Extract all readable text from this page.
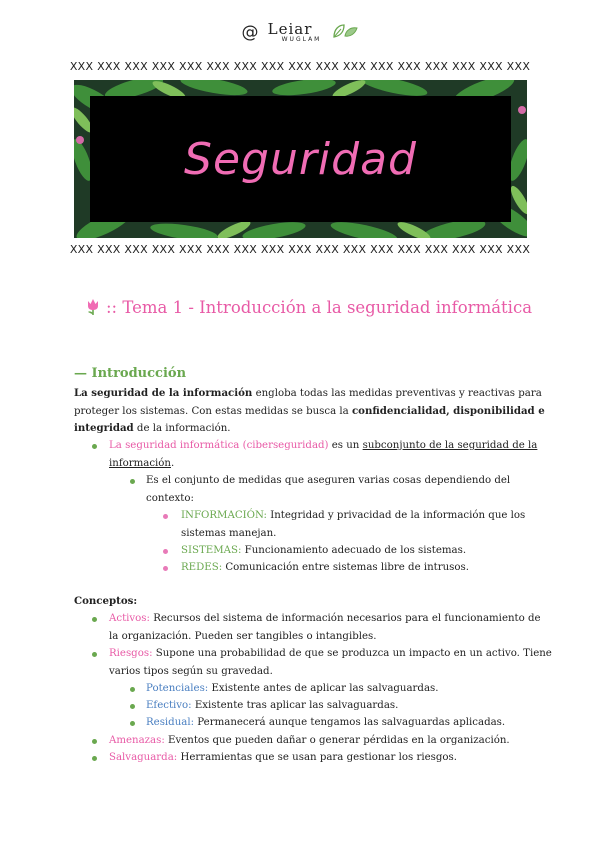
@ Leiar
WUGLAM

XXX XXX XXX XXX XXX XXX XXX XXX XXX XXX XXX XXX XXX XXX XXX XXX XXX
Seguridad
XXX XXX XXX XXX XXX XXX XXX XXX XXX XXX XXX XXX XXX XXX XXX XXX XXX
:: Tema 1 - Introducción a la seguridad informática
— Introducción
La seguridad de la información engloba todas las medidas preventivas y reactivas para
proteger los sistemas. Con estas medidas se busca la confidencialidad, disponibilidad e
integridad de la información.
La seguridad informática (ciberseguridad) es un subconjunto de la seguridad de la
información.
Es el conjunto de medidas que aseguren varias cosas dependiendo del
contexto:
INFORMACIÓN: Integridad y privacidad de la información que los
sistemas manejan.
SISTEMAS: Funcionamiento adecuado de los sistemas.
REDES: Comunicación entre sistemas libre de intrusos.
Conceptos:
Activos: Recursos del sistema de información necesarios para el funcionamiento de
la organización. Pueden ser tangibles o intangibles.
Riesgos: Supone una probabilidad de que se produzca un impacto en un activo. Tiene
varios tipos según su gravedad.
Potenciales: Existente antes de aplicar las salvaguardas.
Efectivo: Existente tras aplicar las salvaguardas.
Residual: Permanecerá aunque tengamos las salvaguardas aplicadas.
Amenazas: Eventos que pueden dañar o generar pérdidas en la organización.
Salvaguarda: Herramientas que se usan para gestionar los riesgos.
